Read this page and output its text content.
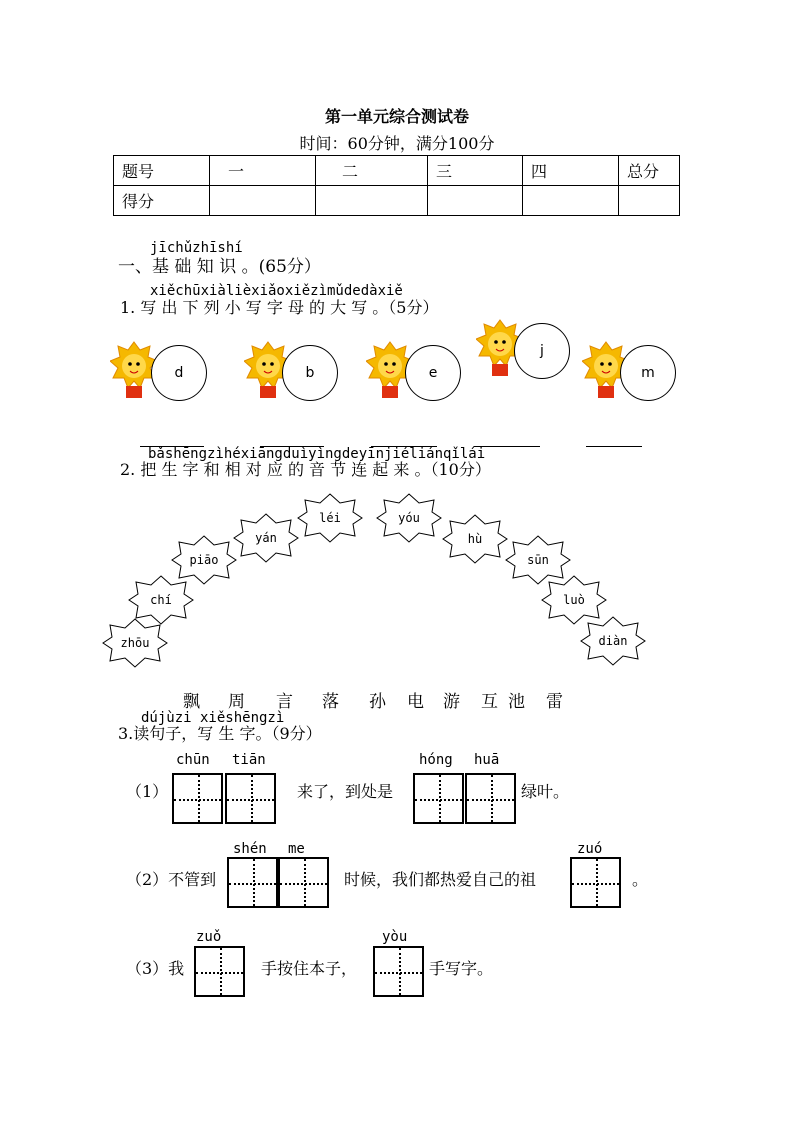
第一单元综合测试卷
时间：60分钟，满分100分
题号	一	二	三	四	总分
得分					
jīchǔzhīshí
一、基 础 知 识 。(65分）
xiěchūxiàlièxiǎoxiězìmǔdedàxiě
1. 写 出 下 列 小 写 字 母 的 大 写 。（5分）
d	b	e
j
m
bǎshēngzìhéxiāngduìyìngdeyīnjiéliánqǐlái
2. 把 生 字 和 相 对 应 的 音 节 连 起 来 。（10分）
zhōu
chí
piāo
yán
léi	yóu
hù
sūn
luò
diàn
飘 周 言 落 孙 电 游 互 池 雷
dújùzi xiěshēngzì
3.读句子，写 生 字。（9分）
chūn tiān
（1）	来了，到处是
hóng huā
绿叶。
shén me
（2）不管到	时候，我们都热爱自己的祖
zuó
。
zuǒ
（3）我	手按住本子，
yòu
手写字。
